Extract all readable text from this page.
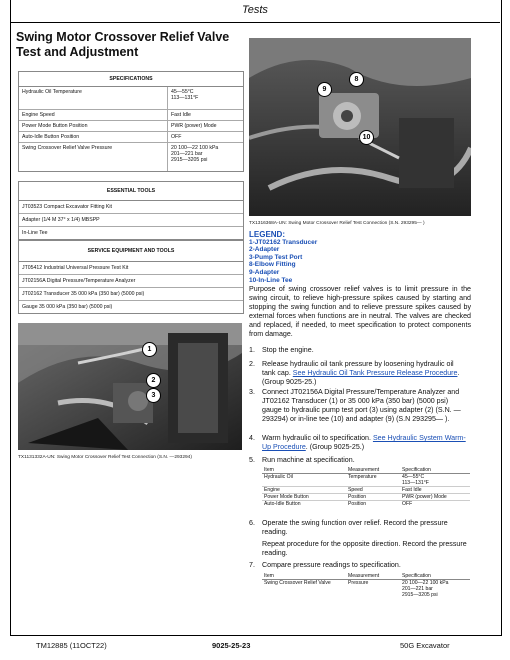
Tests
Swing Motor Crossover Relief Valve Test and Adjustment
SPECIFICATIONS
Hydraulic Oil Temperature	45—55°C
113—131°F
Engine Speed	Fast Idle
Power Mode Button Position	PWR (power) Mode
Auto-Idle Button Position	OFF
Swing Crossover Relief Valve Pressure	20 100—22 100 kPa
201—221 bar
2915—3205 psi
ESSENTIAL TOOLS
JT03523 Compact Excavator Fitting Kit
Adapter (1/4 M 37° x 1/4) MBSPP
In-Line Tee
SERVICE EQUIPMENT AND TOOLS
JT05412 Industrial Universal Pressure Test Kit
JT02156A Digital Pressure/Temperature Analyzer
JT02162 Transducer 35 000 kPa (350 bar) (5000 psi)
Gauge 35 000 kPa (350 bar) (5000 psi)
1
2
3
TX1131332A-UN: Swing Motor Crossover Relief Test Connection (S.N. —293294)
8
9
10
TX1316368A-UN: Swing Motor Crossover Relief Test Connection (S.N. 293295— )
LEGEND:
1-JT02162 Transducer
2-Adapter
3-Pump Test Port
8-Elbow Fitting
9-Adapter
10-In-Line Tee
Purpose of swing crossover relief valves is to limit pressure in the swing circuit, to relieve high-pressure spikes caused by starting and stopping the swing function and to relieve pressure spikes caused by external forces when functions are in neutral. The valves are checked and replaced, if needed, to meet specification to protect components from damage.
1. Stop the engine.
2. Release hydraulic oil tank pressure by loosening hydraulic oil tank cap. See Hydraulic Oil Tank Pressure Release Procedure. (Group 9025-25.)
3. Connect JT02156A Digital Pressure/Temperature Analyzer and JT02162 Transducer (1) or 35 000 kPa (350 bar) (5000 psi) gauge to hydraulic pump test port (3) using adapter (2) (S.N. —293294) or in-line tee (10) and adapter (9) (S.N 293295— ).
4. Warm hydraulic oil to specification. See Hydraulic System Warm-Up Procedure. (Group 9025-25.)
5. Run machine at specification.
Item	Measurement	Specification
Hydraulic Oil	Temperature	45—55°C
113—131°F

Engine	Speed	Fast Idle
Power Mode Button	Position	PWR (power) Mode
Auto-Idle Button	Position	OFF
6. Operate the swing function over relief. Record the pressure reading.

Repeat procedure for the opposite direction. Record the pressure reading.
7. Compare pressure readings to specification.
Item	Measurement	Specification
Swing Crossover Relief Valve	Pressure	20 100—22 100 kPa
201—221 bar
2915—3205 psi
TM12885 (11OCT22)	9025-25-23	50G Excavator
